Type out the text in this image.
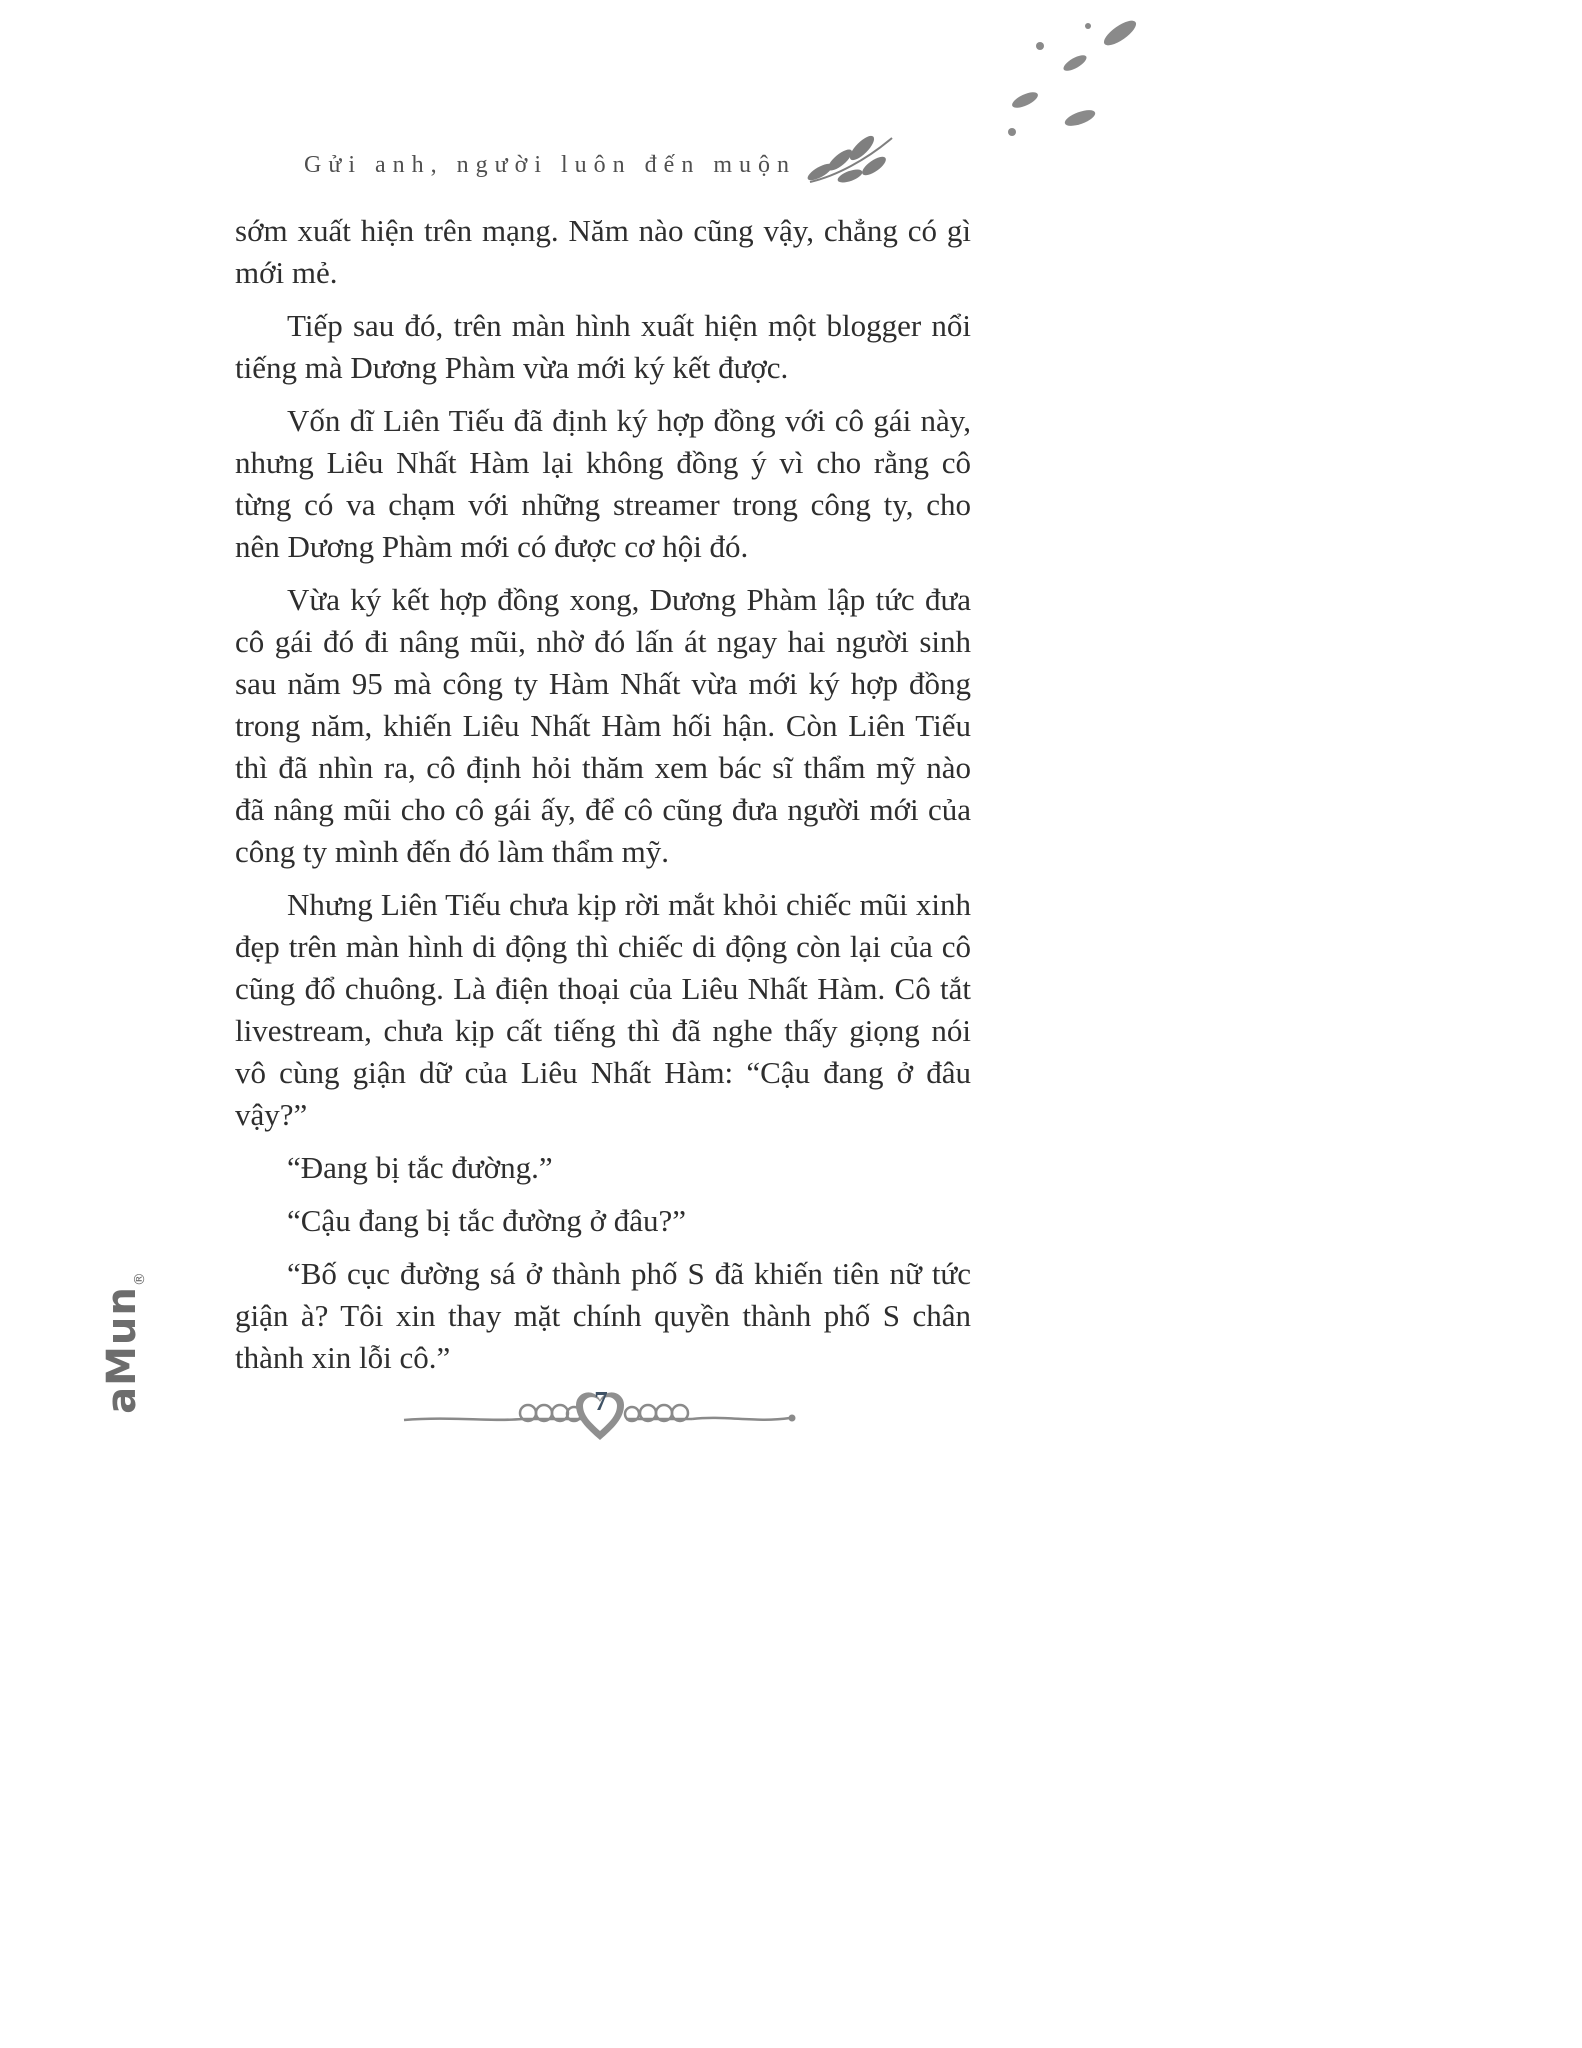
Gửi anh, người luôn đến muộn

sớm xuất hiện trên mạng. Năm nào cũng vậy, chẳng có gì mới mẻ.

Tiếp sau đó, trên màn hình xuất hiện một blogger nổi tiếng mà Dương Phàm vừa mới ký kết được.

Vốn dĩ Liên Tiếu đã định ký hợp đồng với cô gái này, nhưng Liêu Nhất Hàm lại không đồng ý vì cho rằng cô từng có va chạm với những streamer trong công ty, cho nên Dương Phàm mới có được cơ hội đó.

Vừa ký kết hợp đồng xong, Dương Phàm lập tức đưa cô gái đó đi nâng mũi, nhờ đó lấn át ngay hai người sinh sau năm 95 mà công ty Hàm Nhất vừa mới ký hợp đồng trong năm, khiến Liêu Nhất Hàm hối hận. Còn Liên Tiếu thì đã nhìn ra, cô định hỏi thăm xem bác sĩ thẩm mỹ nào đã nâng mũi cho cô gái ấy, để cô cũng đưa người mới của công ty mình đến đó làm thẩm mỹ.

Nhưng Liên Tiếu chưa kịp rời mắt khỏi chiếc mũi xinh đẹp trên màn hình di động thì chiếc di động còn lại của cô cũng đổ chuông. Là điện thoại của Liêu Nhất Hàm. Cô tắt livestream, chưa kịp cất tiếng thì đã nghe thấy giọng nói vô cùng giận dữ của Liêu Nhất Hàm: “Cậu đang ở đâu vậy?”

“Đang bị tắc đường.”

“Cậu đang bị tắc đường ở đâu?”

“Bố cục đường sá ở thành phố S đã khiến tiên nữ tức giận à? Tôi xin thay mặt chính quyền thành phố S chân thành xin lỗi cô.”

aMun$_®$
7
